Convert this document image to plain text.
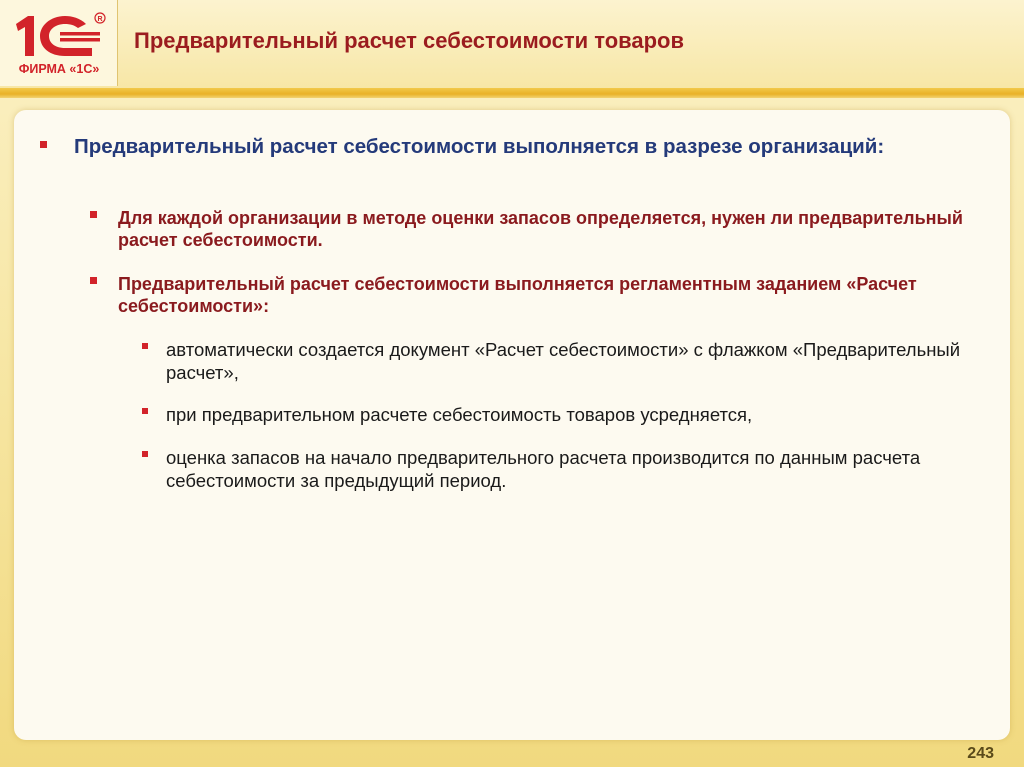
R
ФИРМА «1С»
Предварительный расчет себестоимости товаров
Предварительный расчет себестоимости выполняется в разрезе организаций:
Для каждой организации в методе оценки запасов определяется, нужен ли предварительный расчет себестоимости.
Предварительный расчет себестоимости выполняется регламентным заданием «Расчет себестоимости»:
автоматически создается документ «Расчет себестоимости» с флажком «Предварительный расчет»,
при предварительном расчете себестоимость товаров усредняется,
оценка запасов на начало предварительного расчета производится по данным расчета себестоимости за предыдущий период.
243
